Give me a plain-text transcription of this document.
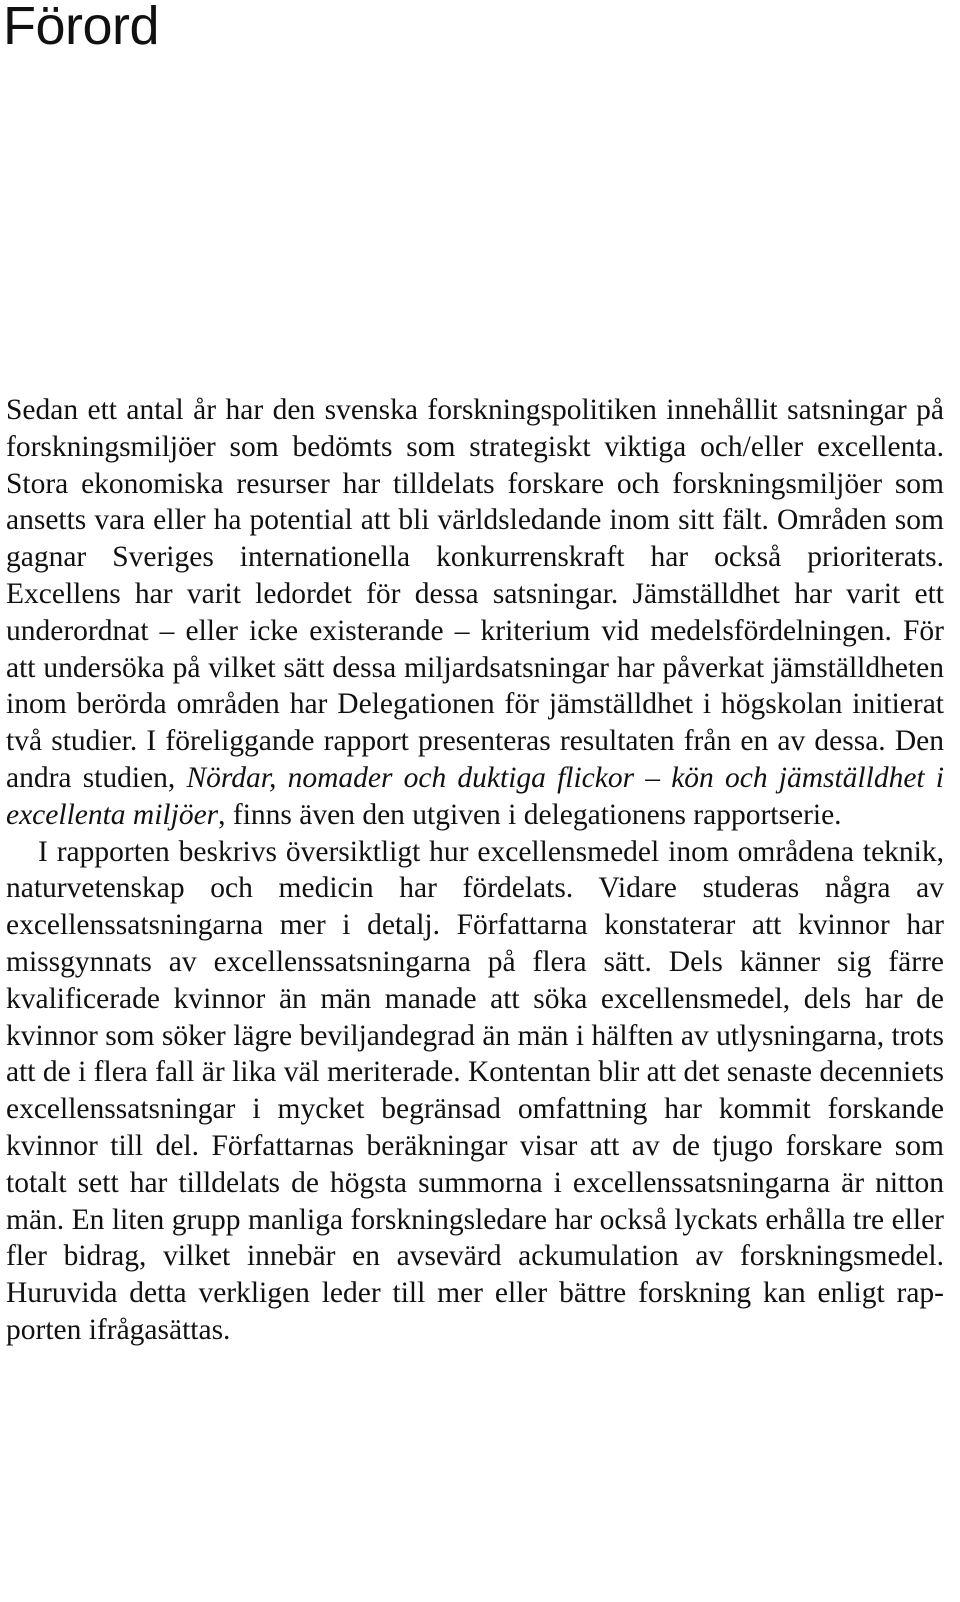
Förord

Sedan ett antal år har den svenska forskningspolitiken innehållit satsningar på forskningsmiljöer som bedömts som strategiskt viktiga och/eller excellenta. Stora ekonomiska resurser har tilldelats forskare och forskningsmiljöer som ansetts vara eller ha potential att bli världsledande inom sitt fält. Områden som gagnar Sveriges internationella konkurrenskraft har också prioriterats. Excellens har varit ledordet för dessa satsningar. Jämställdhet har varit ett underordnat – eller icke existerande – kriterium vid medelsfördelningen. För att undersöka på vilket sätt dessa miljardsatsningar har påverkat jämställdheten inom berörda områden har Delegationen för jämställdhet i högskolan initierat två studier. I föreliggande rapport presenteras resultaten från en av dessa. Den andra studien, Nördar, nomader och duktiga flickor – kön och jämställdhet i excellenta miljöer, finns även den utgiven i delegationens rapportserie.

I rapporten beskrivs översiktligt hur excellensmedel inom områdena teknik, naturvetenskap och medicin har fördelats. Vidare studeras några av excellenssatsningarna mer i detalj. Författarna konstaterar att kvinnor har missgynnats av excellenssatsningarna på flera sätt. Dels känner sig färre kvalificerade kvinnor än män manade att söka excellensmedel, dels har de kvinnor som söker lägre beviljandegrad än män i hälften av utlysningarna, trots att de i flera fall är lika väl meriterade. Kontentan blir att det senaste decenniets excellenssatsningar i mycket begränsad omfattning har kommit forskande kvinnor till del. Författarnas beräkningar visar att av de tjugo forskare som totalt sett har tilldelats de högsta summorna i excellenssatsningarna är nitton män. En liten grupp manliga forskningsledare har också lyckats erhålla tre eller fler bidrag, vilket innebär en avsevärd ackumulation av forskningsmedel. Huruvida detta verkligen leder till mer eller bättre forskning kan enligt rapporten ifrågasättas.
